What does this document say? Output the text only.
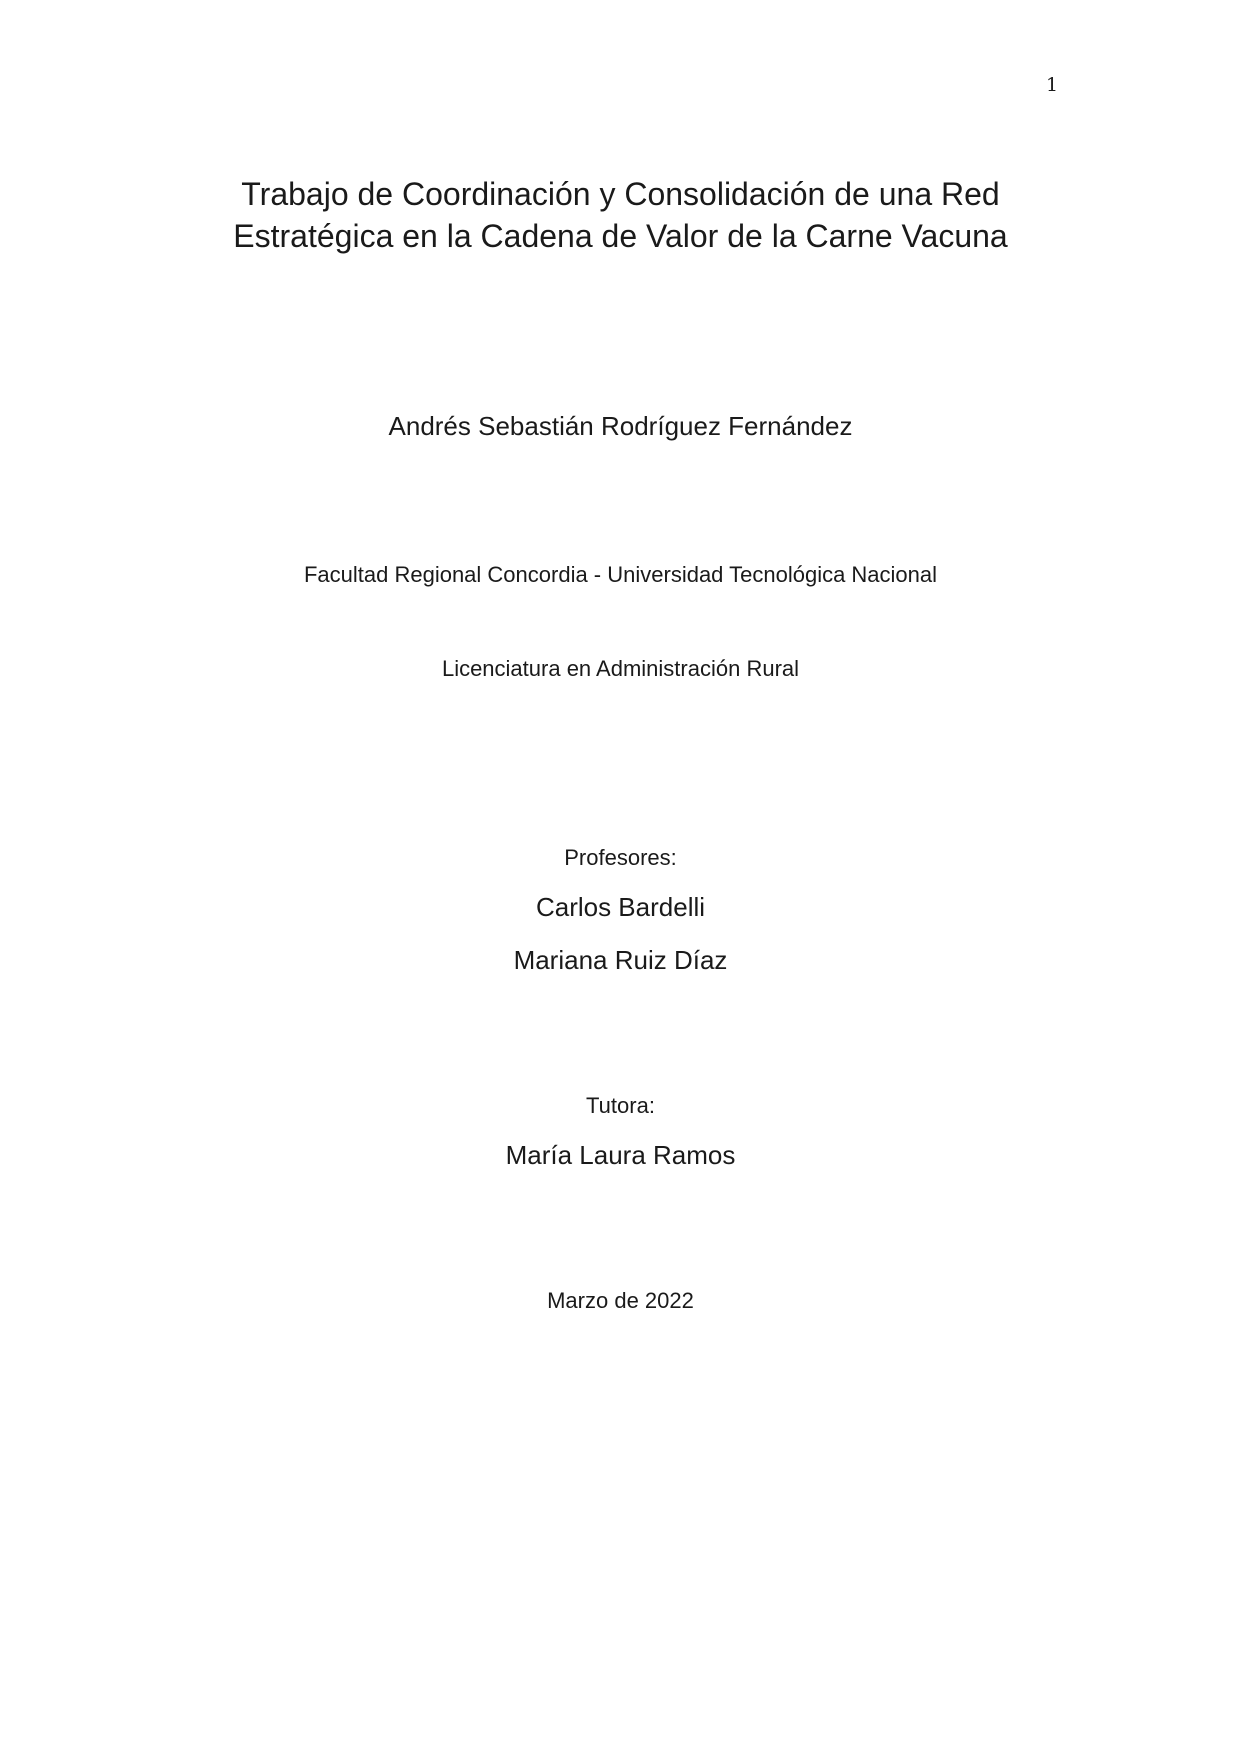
1
Trabajo de Coordinación y Consolidación de una Red
Estratégica en la Cadena de Valor de la Carne Vacuna
Andrés Sebastián Rodríguez Fernández
Facultad Regional Concordia - Universidad Tecnológica Nacional
Licenciatura en Administración Rural
Profesores:
Carlos Bardelli
Mariana Ruiz Díaz
Tutora:
María Laura Ramos
Marzo de 2022
